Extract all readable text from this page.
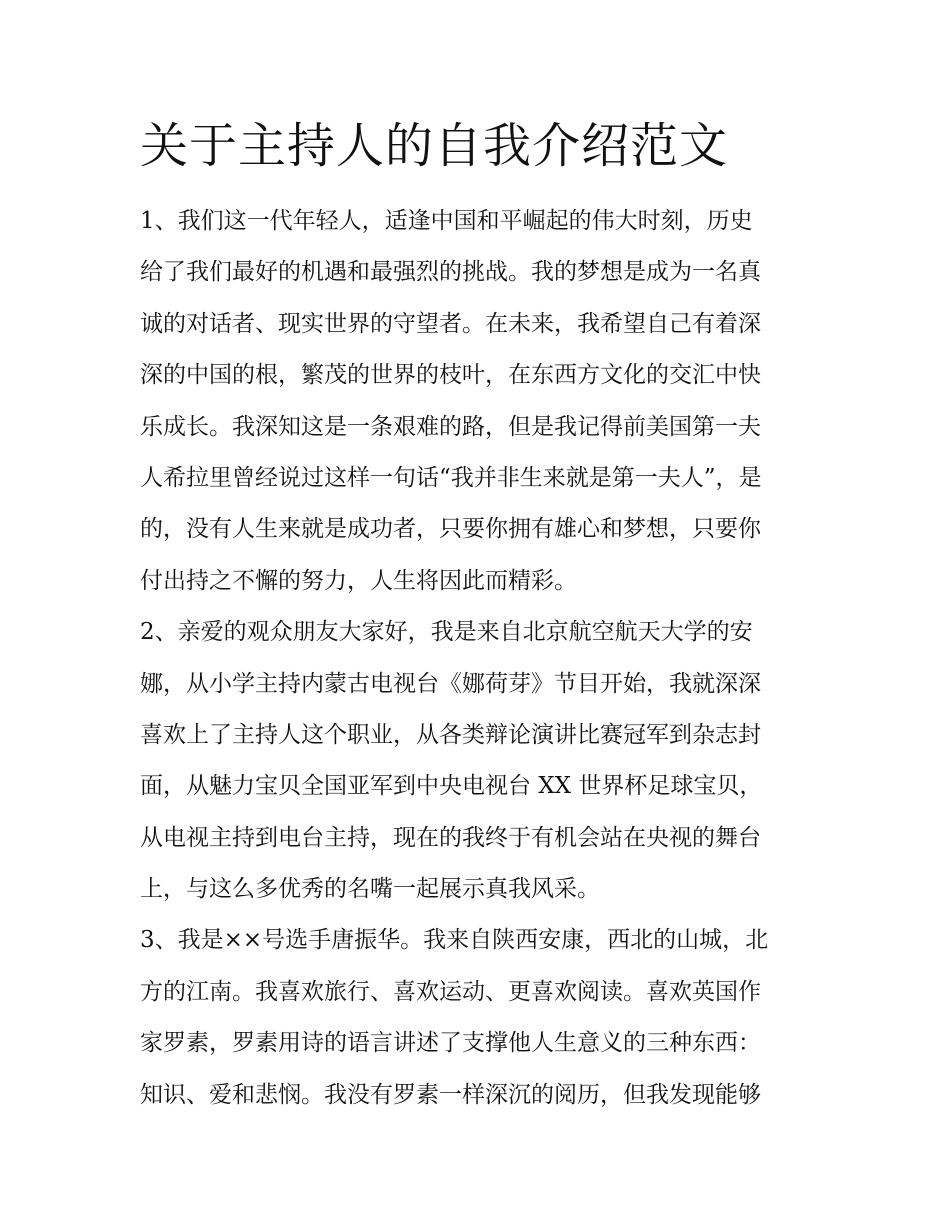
关于主持人的自我介绍范文
1、我们这一代年轻人，适逢中国和平崛起的伟大时刻，历史
给了我们最好的机遇和最强烈的挑战。我的梦想是成为一名真
诚的对话者、现实世界的守望者。在未来，我希望自己有着深
深的中国的根，繁茂的世界的枝叶，在东西方文化的交汇中快
乐成长。我深知这是一条艰难的路，但是我记得前美国第一夫
人希拉里曾经说过这样一句话“我并非生来就是第一夫人”，是
的，没有人生来就是成功者，只要你拥有雄心和梦想，只要你
付出持之不懈的努力，人生将因此而精彩。
2、亲爱的观众朋友大家好，我是来自北京航空航天大学的安
娜，从小学主持内蒙古电视台《娜荷芽》节目开始，我就深深
喜欢上了主持人这个职业，从各类辩论演讲比赛冠军到杂志封
面，从魅力宝贝全国亚军到中央电视台 XX 世界杯足球宝贝，
从电视主持到电台主持，现在的我终于有机会站在央视的舞台
上，与这么多优秀的名嘴一起展示真我风采。
3、我是××号选手唐振华。我来自陕西安康，西北的山城，北
方的江南。我喜欢旅行、喜欢运动、更喜欢阅读。喜欢英国作
家罗素，罗素用诗的语言讲述了支撑他人生意义的三种东西：
知识、爱和悲悯。我没有罗素一样深沉的阅历，但我发现能够
